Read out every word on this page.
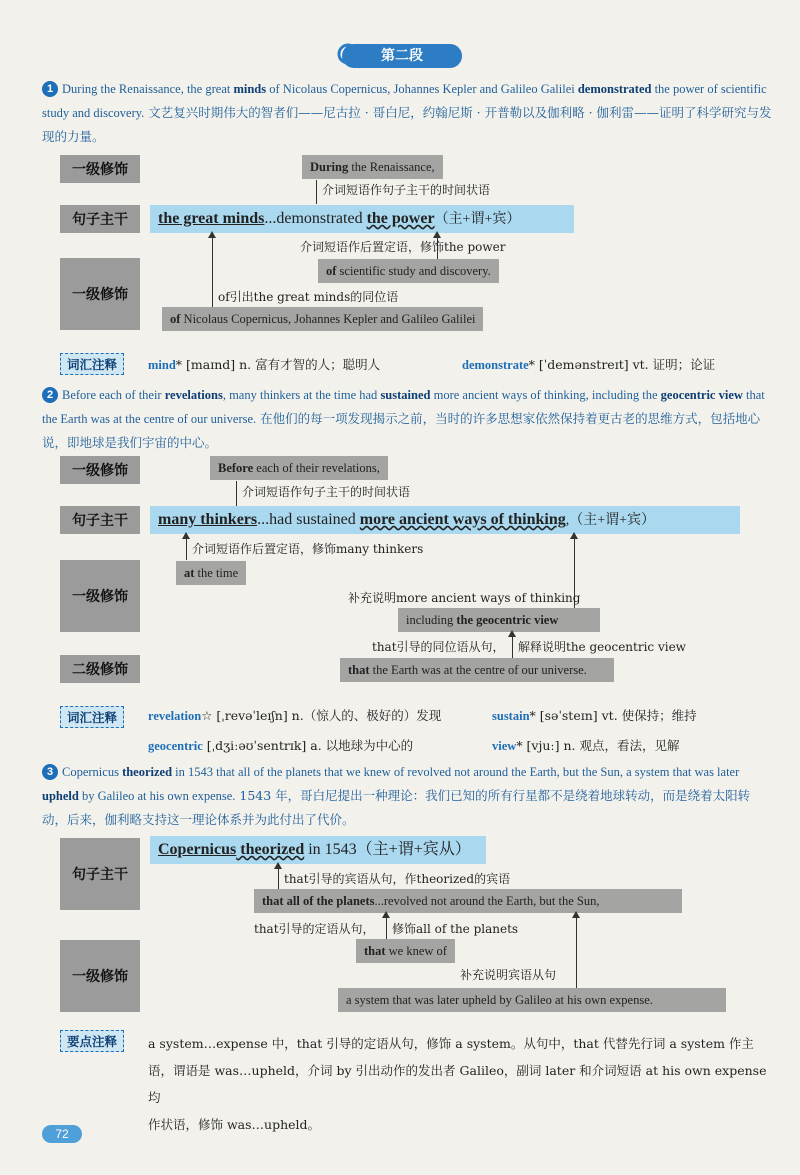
第二段
1 During the Renaissance, the great minds of Nicolaus Copernicus, Johannes Kepler and Galileo Galilei demonstrated the power of scientific study and discovery. 文艺复兴时期伟大的智者们——尼古拉 · 哥白尼，约翰尼斯 · 开普勒以及伽利略 · 伽利雷——证明了科学研究与发现的力量。
一级修饰
句子主干
一级修饰
During the Renaissance,
介词短语作句子主干的时间状语
the great minds...demonstrated the power（主+谓+宾）
介词短语作后置定语，修饰the power
of scientific study and discovery.
of引出the great minds的同位语
of Nicolaus Copernicus, Johannes Kepler and Galileo Galilei
词汇注释	mind* [maɪnd] n. 富有才智的人；聪明人	demonstrate* [ˈdemənstreɪt] vt. 证明；论证
2 Before each of their revelations, many thinkers at the time had sustained more ancient ways of thinking, including the geocentric view that the Earth was at the centre of our universe. 在他们的每一项发现揭示之前，当时的许多思想家依然保持着更古老的思维方式，包括地心说，即地球是我们宇宙的中心。
一级修饰
句子主干
一级修饰
二级修饰
Before each of their revelations,
介词短语作句子主干的时间状语
many thinkers...had sustained more ancient ways of thinking,（主+谓+宾）
介词短语作后置定语，修饰many thinkers
at the time
补充说明more ancient ways of thinking
including the geocentric view
that引导的同位语从句， 解释说明the geocentric view
that the Earth was at the centre of our universe.
词汇注释	revelation☆ [ˌrevəˈleɪʃn] n.（惊人的、极好的）发现	sustain* [səˈsteɪn] vt. 使保持；维持
geocentric [ˌdʒiːəʊˈsentrɪk] a. 以地球为中心的	view* [vjuː] n. 观点，看法，见解
3 Copernicus theorized in 1543 that all of the planets that we knew of revolved not around the Earth, but the Sun, a system that was later upheld by Galileo at his own expense. 1543 年，哥白尼提出一种理论：我们已知的所有行星都不是绕着地球转动，而是绕着太阳转动，后来，伽利略支持这一理论体系并为此付出了代价。
句子主干
一级修饰
Copernicus theorized in 1543（主+谓+宾从）
that引导的宾语从句，作theorized的宾语
that all of the planets...revolved not around the Earth, but the Sun,
that引导的定语从句， 修饰all of the planets
that we knew of
补充说明宾语从句
a system that was later upheld by Galileo at his own expense.
要点注释	a system…expense 中，that 引导的定语从句，修饰 a system。从句中，that 代替先行词 a system 作主
语，谓语是 was…upheld，介词 by 引出动作的发出者 Galileo，副词 later 和介词短语 at his own expense 均
作状语，修饰 was…upheld。
72
